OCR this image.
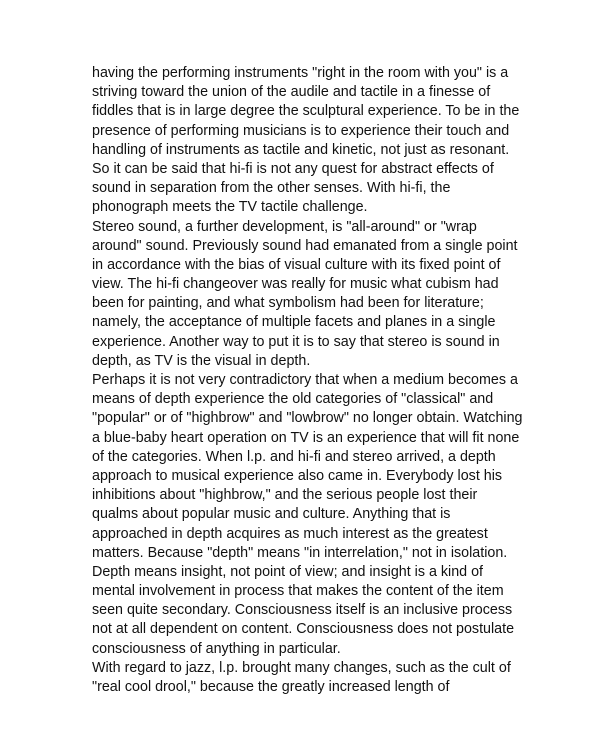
having the performing instruments "right in the room with you" is a
striving toward the union of the audile and tactile in a finesse of
fiddles that is in large degree the sculptural experience. To be in the
presence of performing musicians is to experience their touch and
handling of instruments as tactile and kinetic, not just as resonant.
So it can be said that hi-fi is not any quest for abstract effects of
sound in separation from the other senses. With hi-fi, the
phonograph meets the TV tactile challenge.
Stereo sound, a further development, is "all-around" or "wrap
around" sound. Previously sound had emanated from a single point
in accordance with the bias of visual culture with its fixed point of
view. The hi-fi changeover was really for music what cubism had
been for painting, and what symbolism had been for literature;
namely, the acceptance of multiple facets and planes in a single
experience. Another way to put it is to say that stereo is sound in
depth, as TV is the visual in depth.
Perhaps it is not very contradictory that when a medium becomes a
means of depth experience the old categories of "classical" and
"popular" or of "highbrow" and "lowbrow" no longer obtain. Watching
a blue-baby heart operation on TV is an experience that will fit none
of the categories. When l.p. and hi-fi and stereo arrived, a depth
approach to musical experience also came in. Everybody lost his
inhibitions about "highbrow," and the serious people lost their
qualms about popular music and culture. Anything that is
approached in depth acquires as much interest as the greatest
matters. Because "depth" means "in interrelation," not in isolation.
Depth means insight, not point of view; and insight is a kind of
mental involvement in process that makes the content of the item
seen quite secondary. Consciousness itself is an inclusive process
not at all dependent on content. Consciousness does not postulate
consciousness of anything in particular.
With regard to jazz, l.p. brought many changes, such as the cult of
"real cool drool," because the greatly increased length of
